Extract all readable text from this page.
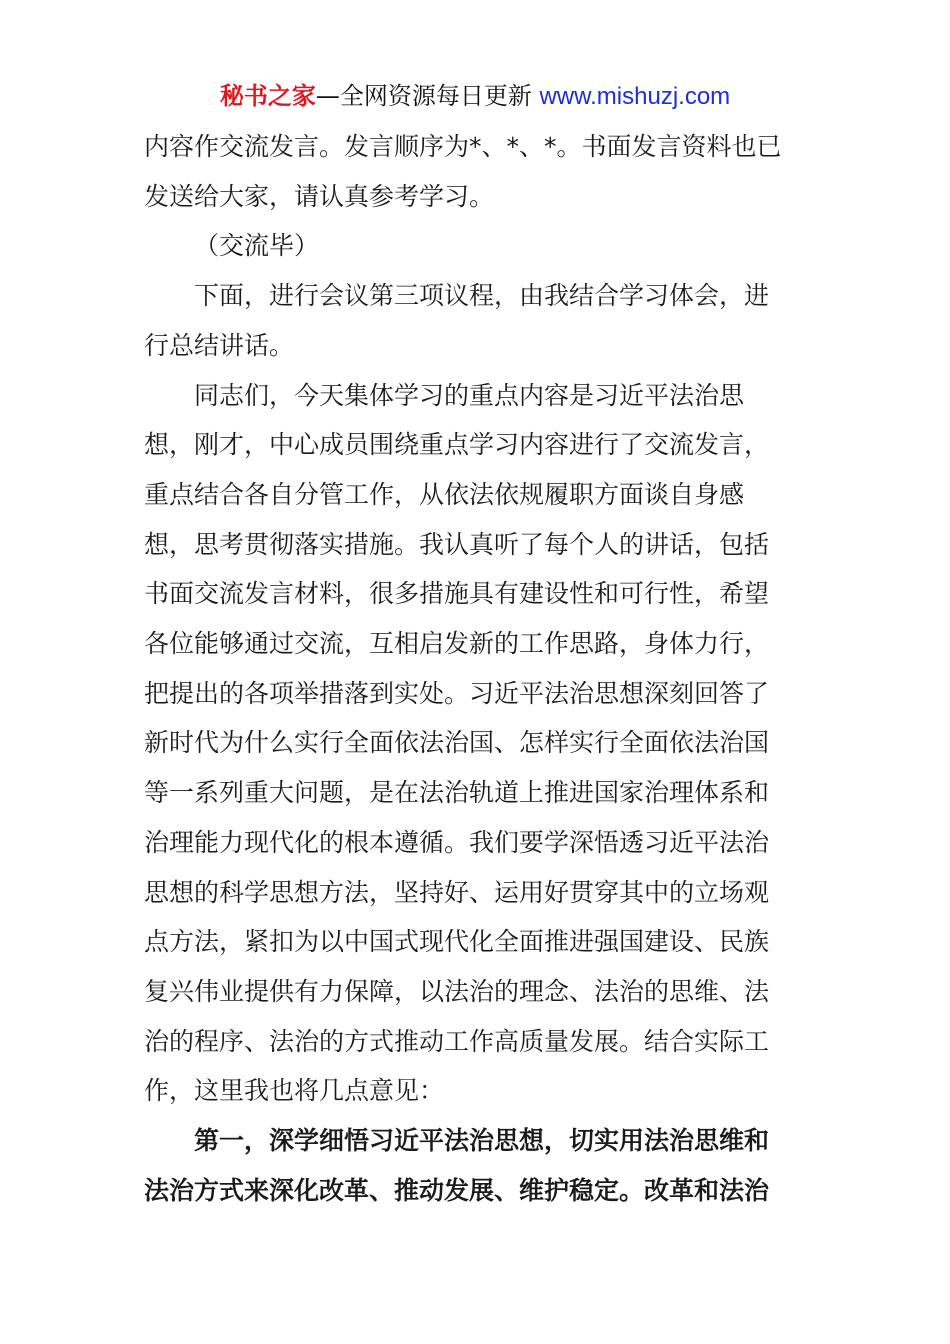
秘书之家—全网资源每日更新 www.mishuzj.com
内容作交流发言。发言顺序为*、*、*。书面发言资料也已
发送给大家，请认真参考学习。
（交流毕）
下面，进行会议第三项议程，由我结合学习体会，进
行总结讲话。
同志们，今天集体学习的重点内容是习近平法治思
想，刚才，中心成员围绕重点学习内容进行了交流发言，
重点结合各自分管工作，从依法依规履职方面谈自身感
想，思考贯彻落实措施。我认真听了每个人的讲话，包括
书面交流发言材料，很多措施具有建设性和可行性，希望
各位能够通过交流，互相启发新的工作思路，身体力行，
把提出的各项举措落到实处。习近平法治思想深刻回答了
新时代为什么实行全面依法治国、怎样实行全面依法治国
等一系列重大问题，是在法治轨道上推进国家治理体系和
治理能力现代化的根本遵循。我们要学深悟透习近平法治
思想的科学思想方法，坚持好、运用好贯穿其中的立场观
点方法，紧扣为以中国式现代化全面推进强国建设、民族
复兴伟业提供有力保障，以法治的理念、法治的思维、法
治的程序、法治的方式推动工作高质量发展。结合实际工
作，这里我也将几点意见：
第一，深学细悟习近平法治思想，切实用法治思维和
法治方式来深化改革、推动发展、维护稳定。改革和法治
